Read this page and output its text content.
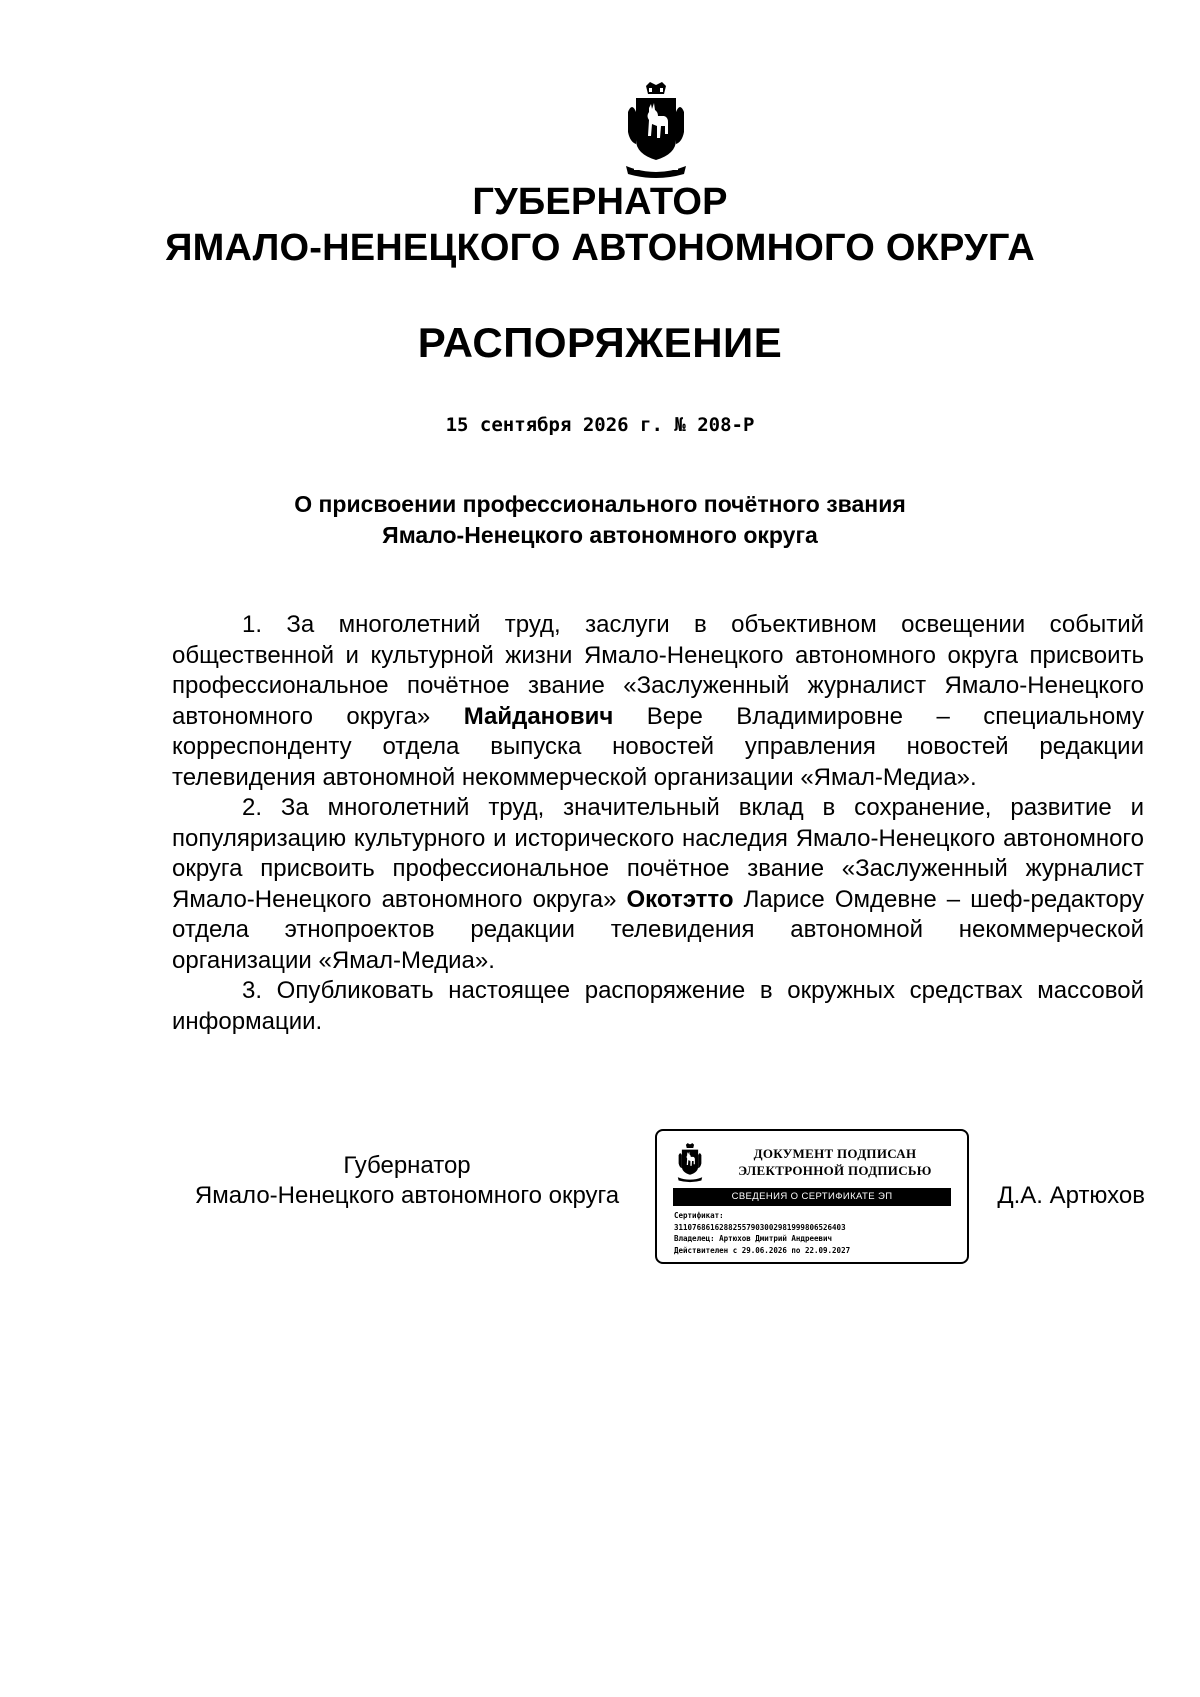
ГУБЕРНАТОР
ЯМАЛО-НЕНЕЦКОГО АВТОНОМНОГО ОКРУГА
РАСПОРЯЖЕНИЕ
15 сентября 2026 г. № 208-Р
О присвоении профессионального почётного звания
Ямало-Ненецкого автономного округа

1. За многолетний труд, заслуги в объективном освещении событий общественной и культурной жизни Ямало-Ненецкого автономного округа присвоить профессиональное почётное звание «Заслуженный журналист Ямало-Ненецкого автономного округа» Майданович Вере Владимировне – специальному корреспонденту отдела выпуска новостей управления новостей редакции телевидения автономной некоммерческой организации «Ямал-Медиа».

2. За многолетний труд, значительный вклад в сохранение, развитие и популяризацию культурного и исторического наследия Ямало-Ненецкого автономного округа присвоить профессиональное почётное звание «Заслуженный журналист Ямало-Ненецкого автономного округа» Окотэтто Ларисе Омдевне – шеф-редактору отдела этнопроектов редакции телевидения автономной некоммерческой организации «Ямал-Медиа».

3. Опубликовать настоящее распоряжение в окружных средствах массовой информации.

Губернатор
Ямало-Ненецкого автономного округа
ДОКУМЕНТ ПОДПИСАН
ЭЛЕКТРОННОЙ ПОДПИСЬЮ
СВЕДЕНИЯ О СЕРТИФИКАТЕ ЭП
Сертификат:
3110768616288255790300298199980652640З
Владелец: Артюхов Дмитрий Андреевич
Действителен с 29.06.2026 по 22.09.2027
Д.А. Артюхов
